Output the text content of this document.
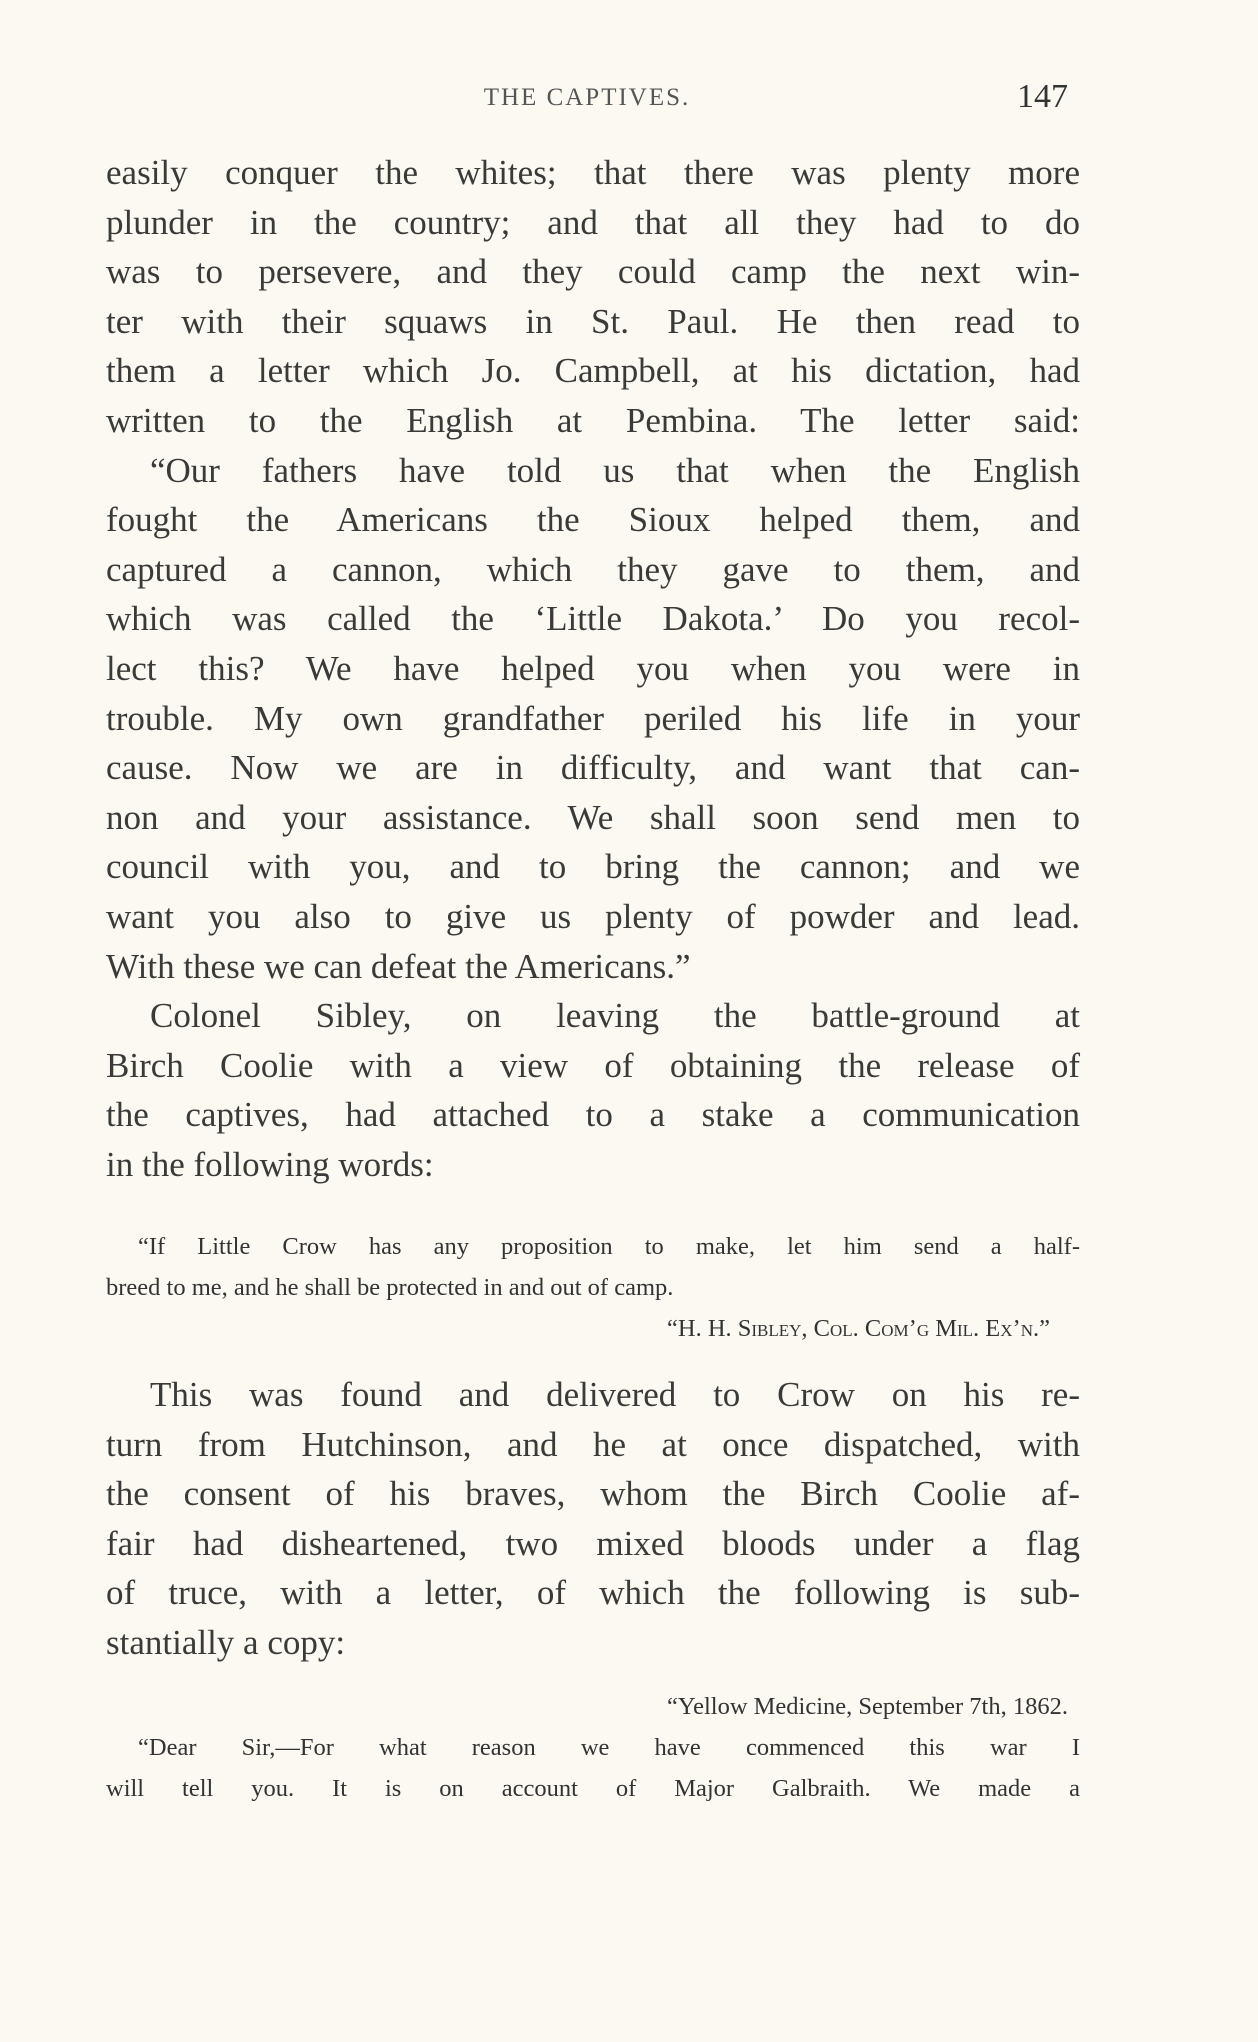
THE CAPTIVES.	147
easily conquer the whites; that there was plenty more
plunder in the country; and that all they had to do
was to persevere, and they could camp the next win-
ter with their squaws in St. Paul. He then read to
them a letter which Jo. Campbell, at his dictation, had
written to the English at Pembina. The letter said:
“Our fathers have told us that when the English
fought the Americans the Sioux helped them, and
captured a cannon, which they gave to them, and
which was called the ‘Little Dakota.’ Do you recol-
lect this? We have helped you when you were in
trouble. My own grandfather periled his life in your
cause. Now we are in difficulty, and want that can-
non and your assistance. We shall soon send men to
council with you, and to bring the cannon; and we
want you also to give us plenty of powder and lead.
With these we can defeat the Americans.”
Colonel Sibley, on leaving the battle-ground at
Birch Coolie with a view of obtaining the release of
the captives, had attached to a stake a communication
in the following words:
“If Little Crow has any proposition to make, let him send a half-
breed to me, and he shall be protected in and out of camp.
“H. H. Sibley, Col. Com’g Mil. Ex’n.”
This was found and delivered to Crow on his re-
turn from Hutchinson, and he at once dispatched, with
the consent of his braves, whom the Birch Coolie af-
fair had disheartened, two mixed bloods under a flag
of truce, with a letter, of which the following is sub-
stantially a copy:
“Yellow Medicine, September 7th, 1862.
“Dear Sir,—For what reason we have commenced this war I
will tell you. It is on account of Major Galbraith. We made a
